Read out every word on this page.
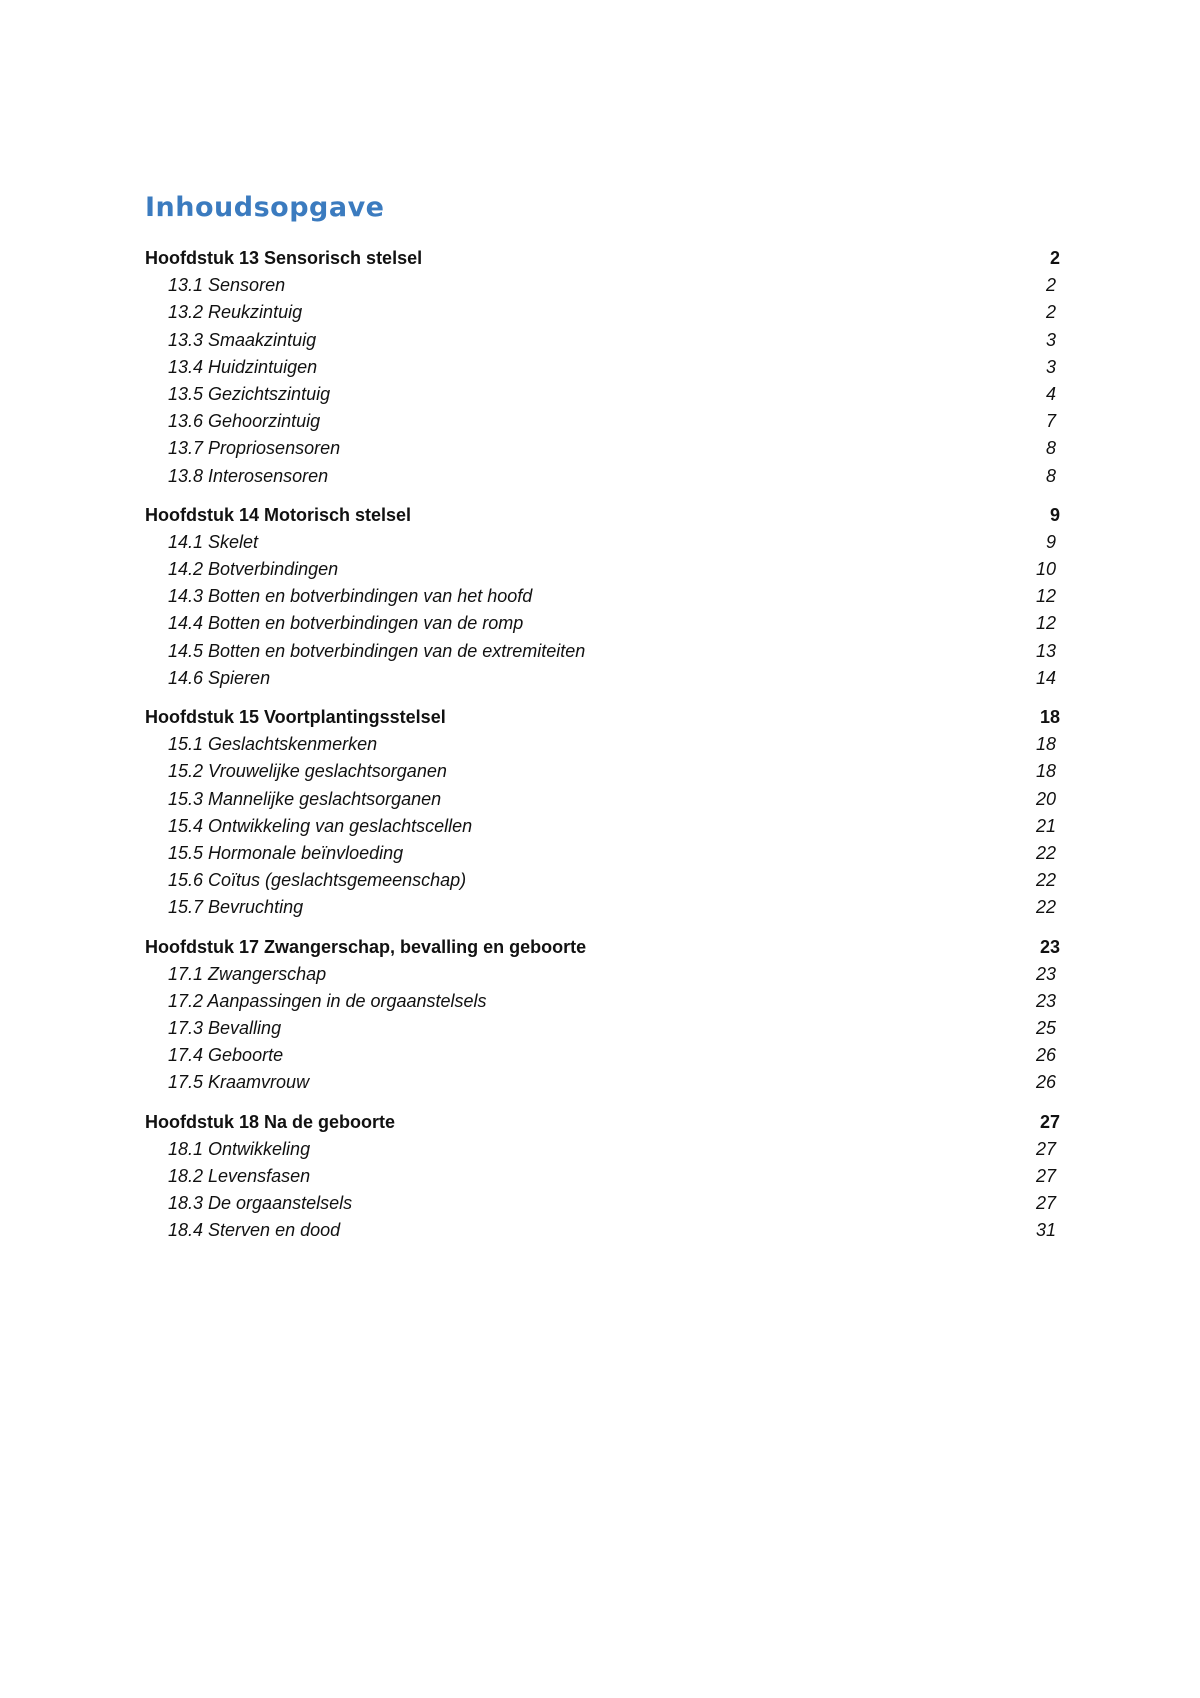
Inhoudsopgave
Hoofdstuk 13 Sensorisch stelsel	2
13.1 Sensoren	2
13.2 Reukzintuig	2
13.3 Smaakzintuig	3
13.4 Huidzintuigen	3
13.5 Gezichtszintuig	4
13.6 Gehoorzintuig	7
13.7 Propriosensoren	8
13.8 Interosensoren	8
Hoofdstuk 14 Motorisch stelsel	9
14.1 Skelet	9
14.2 Botverbindingen	10
14.3 Botten en botverbindingen van het hoofd	12
14.4 Botten en botverbindingen van de romp	12
14.5 Botten en botverbindingen van de extremiteiten	13
14.6 Spieren	14
Hoofdstuk 15 Voortplantingsstelsel	18
15.1 Geslachtskenmerken	18
15.2 Vrouwelijke geslachtsorganen	18
15.3 Mannelijke geslachtsorganen	20
15.4 Ontwikkeling van geslachtscellen	21
15.5 Hormonale beïnvloeding	22
15.6 Coïtus (geslachtsgemeenschap)	22
15.7 Bevruchting	22
Hoofdstuk 17 Zwangerschap, bevalling en geboorte	23
17.1 Zwangerschap	23
17.2 Aanpassingen in de orgaanstelsels	23
17.3 Bevalling	25
17.4 Geboorte	26
17.5 Kraamvrouw	26
Hoofdstuk 18 Na de geboorte	27
18.1 Ontwikkeling	27
18.2 Levensfasen	27
18.3 De orgaanstelsels	27
18.4 Sterven en dood	31
